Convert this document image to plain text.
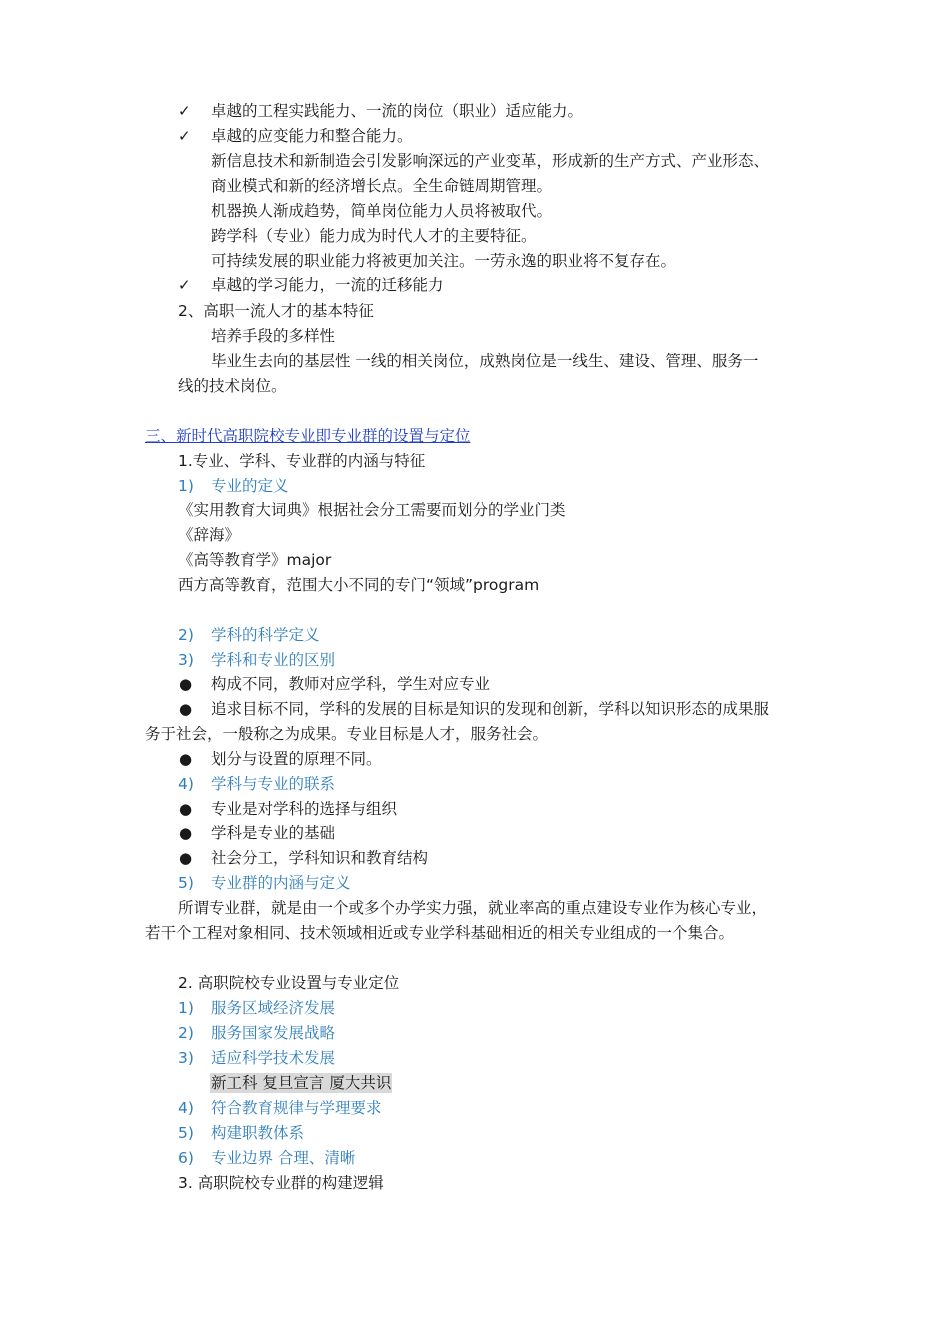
✓ 卓越的工程实践能力、一流的岗位（职业）适应能力。
✓ 卓越的应变能力和整合能力。
新信息技术和新制造会引发影响深远的产业变革，形成新的生产方式、产业形态、
商业模式和新的经济增长点。全生命链周期管理。
机器换人渐成趋势，简单岗位能力人员将被取代。
跨学科（专业）能力成为时代人才的主要特征。
可持续发展的职业能力将被更加关注。一劳永逸的职业将不复存在。
✓ 卓越的学习能力，一流的迁移能力
2、高职一流人才的基本特征
培养手段的多样性
毕业生去向的基层性 一线的相关岗位，成熟岗位是一线生、建设、管理、服务一
线的技术岗位。
三、新时代高职院校专业即专业群的设置与定位
1.专业、学科、专业群的内涵与特征
1) 专业的定义
《实用教育大词典》根据社会分工需要而划分的学业门类
《辞海》
《高等教育学》major
西方高等教育，范围大小不同的专门“领域”program
2) 学科的科学定义
3) 学科和专业的区别
● 构成不同，教师对应学科，学生对应专业
● 追求目标不同，学科的发展的目标是知识的发现和创新，学科以知识形态的成果服
务于社会，一般称之为成果。专业目标是人才，服务社会。
● 划分与设置的原理不同。
4) 学科与专业的联系
● 专业是对学科的选择与组织
● 学科是专业的基础
● 社会分工，学科知识和教育结构
5) 专业群的内涵与定义
所谓专业群，就是由一个或多个办学实力强，就业率高的重点建设专业作为核心专业，
若干个工程对象相同、技术领域相近或专业学科基础相近的相关专业组成的一个集合。
2. 高职院校专业设置与专业定位
1) 服务区域经济发展
2) 服务国家发展战略
3) 适应科学技术发展
新工科 复旦宣言 厦大共识
4) 符合教育规律与学理要求
5) 构建职教体系
6) 专业边界 合理、清晰
3. 高职院校专业群的构建逻辑
